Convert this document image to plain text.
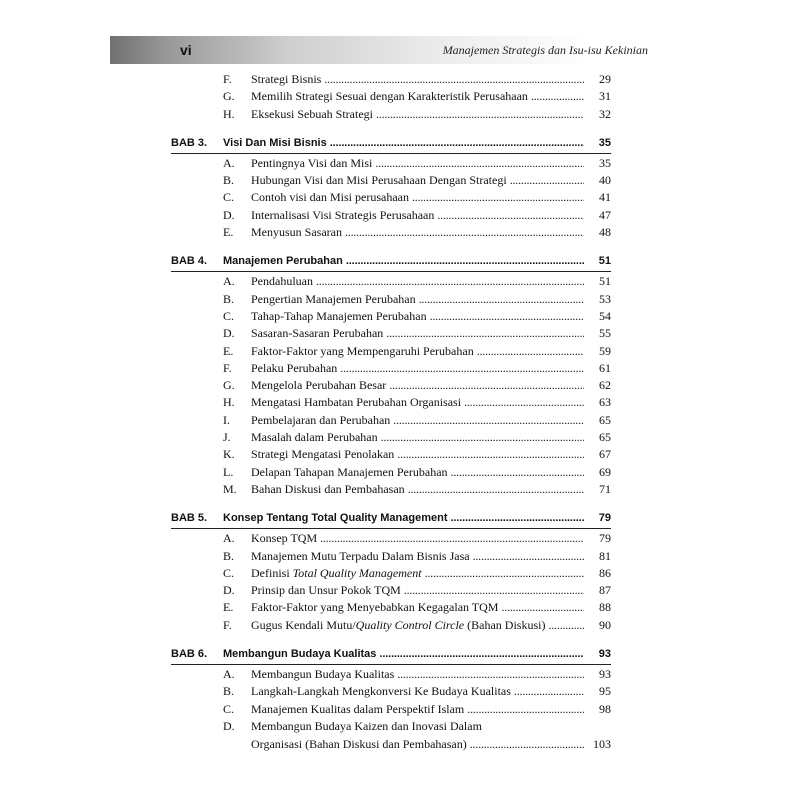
vi	Manajemen Strategis dan Isu-isu Kekinian
F. Strategi Bisnis . . .	29
G. Memilih Strategi Sesuai dengan Karakteristik Perusahaan . . .	31
H. Eksekusi Sebuah Strategi . . .	32
BAB 3.	Visi Dan Misi Bisnis . . .	35
A. Pentingnya Visi dan Misi . . .	35
B. Hubungan Visi dan Misi Perusahaan Dengan Strategi . . .	40
C. Contoh visi dan Misi perusahaan . . .	41
D. Internalisasi Visi Strategis Perusahaan . . .	47
E. Menyusun Sasaran . . .	48
BAB 4.	Manajemen Perubahan . . .	51
A. Pendahuluan . . .	51
B. Pengertian Manajemen Perubahan . . .	53
C. Tahap-Tahap Manajemen Perubahan . . .	54
D. Sasaran-Sasaran Perubahan . . .	55
E. Faktor-Faktor yang Mempengaruhi Perubahan . . .	59
F. Pelaku Perubahan . . .	61
G. Mengelola Perubahan Besar . . .	62
H. Mengatasi Hambatan Perubahan Organisasi . . .	63
I. Pembelajaran dan Perubahan . . .	65
J. Masalah dalam Perubahan . . .	65
K. Strategi Mengatasi Penolakan . . .	67
L. Delapan Tahapan Manajemen Perubahan . . .	69
M. Bahan Diskusi dan Pembahasan . . .	71
BAB 5.	Konsep Tentang Total Quality Management . . .	79
A. Konsep TQM . . .	79
B. Manajemen Mutu Terpadu Dalam Bisnis Jasa . . .	81
C. Definisi Total Quality Management . . .	86
D. Prinsip dan Unsur Pokok TQM . . .	87
E. Faktor-Faktor yang Menyebabkan Kegagalan TQM . . .	88
F. Gugus Kendali Mutu/Quality Control Circle (Bahan Diskusi) . . .	90
BAB 6.	Membangun Budaya Kualitas . . .	93
A. Membangun Budaya Kualitas . . .	93
B. Langkah-Langkah Mengkonversi Ke Budaya Kualitas . . .	95
C. Manajemen Kualitas dalam Perspektif Islam . . .	98
D. Membangun Budaya Kaizen dan Inovasi Dalam
Organisasi (Bahan Diskusi dan Pembahasan) . . .	103
